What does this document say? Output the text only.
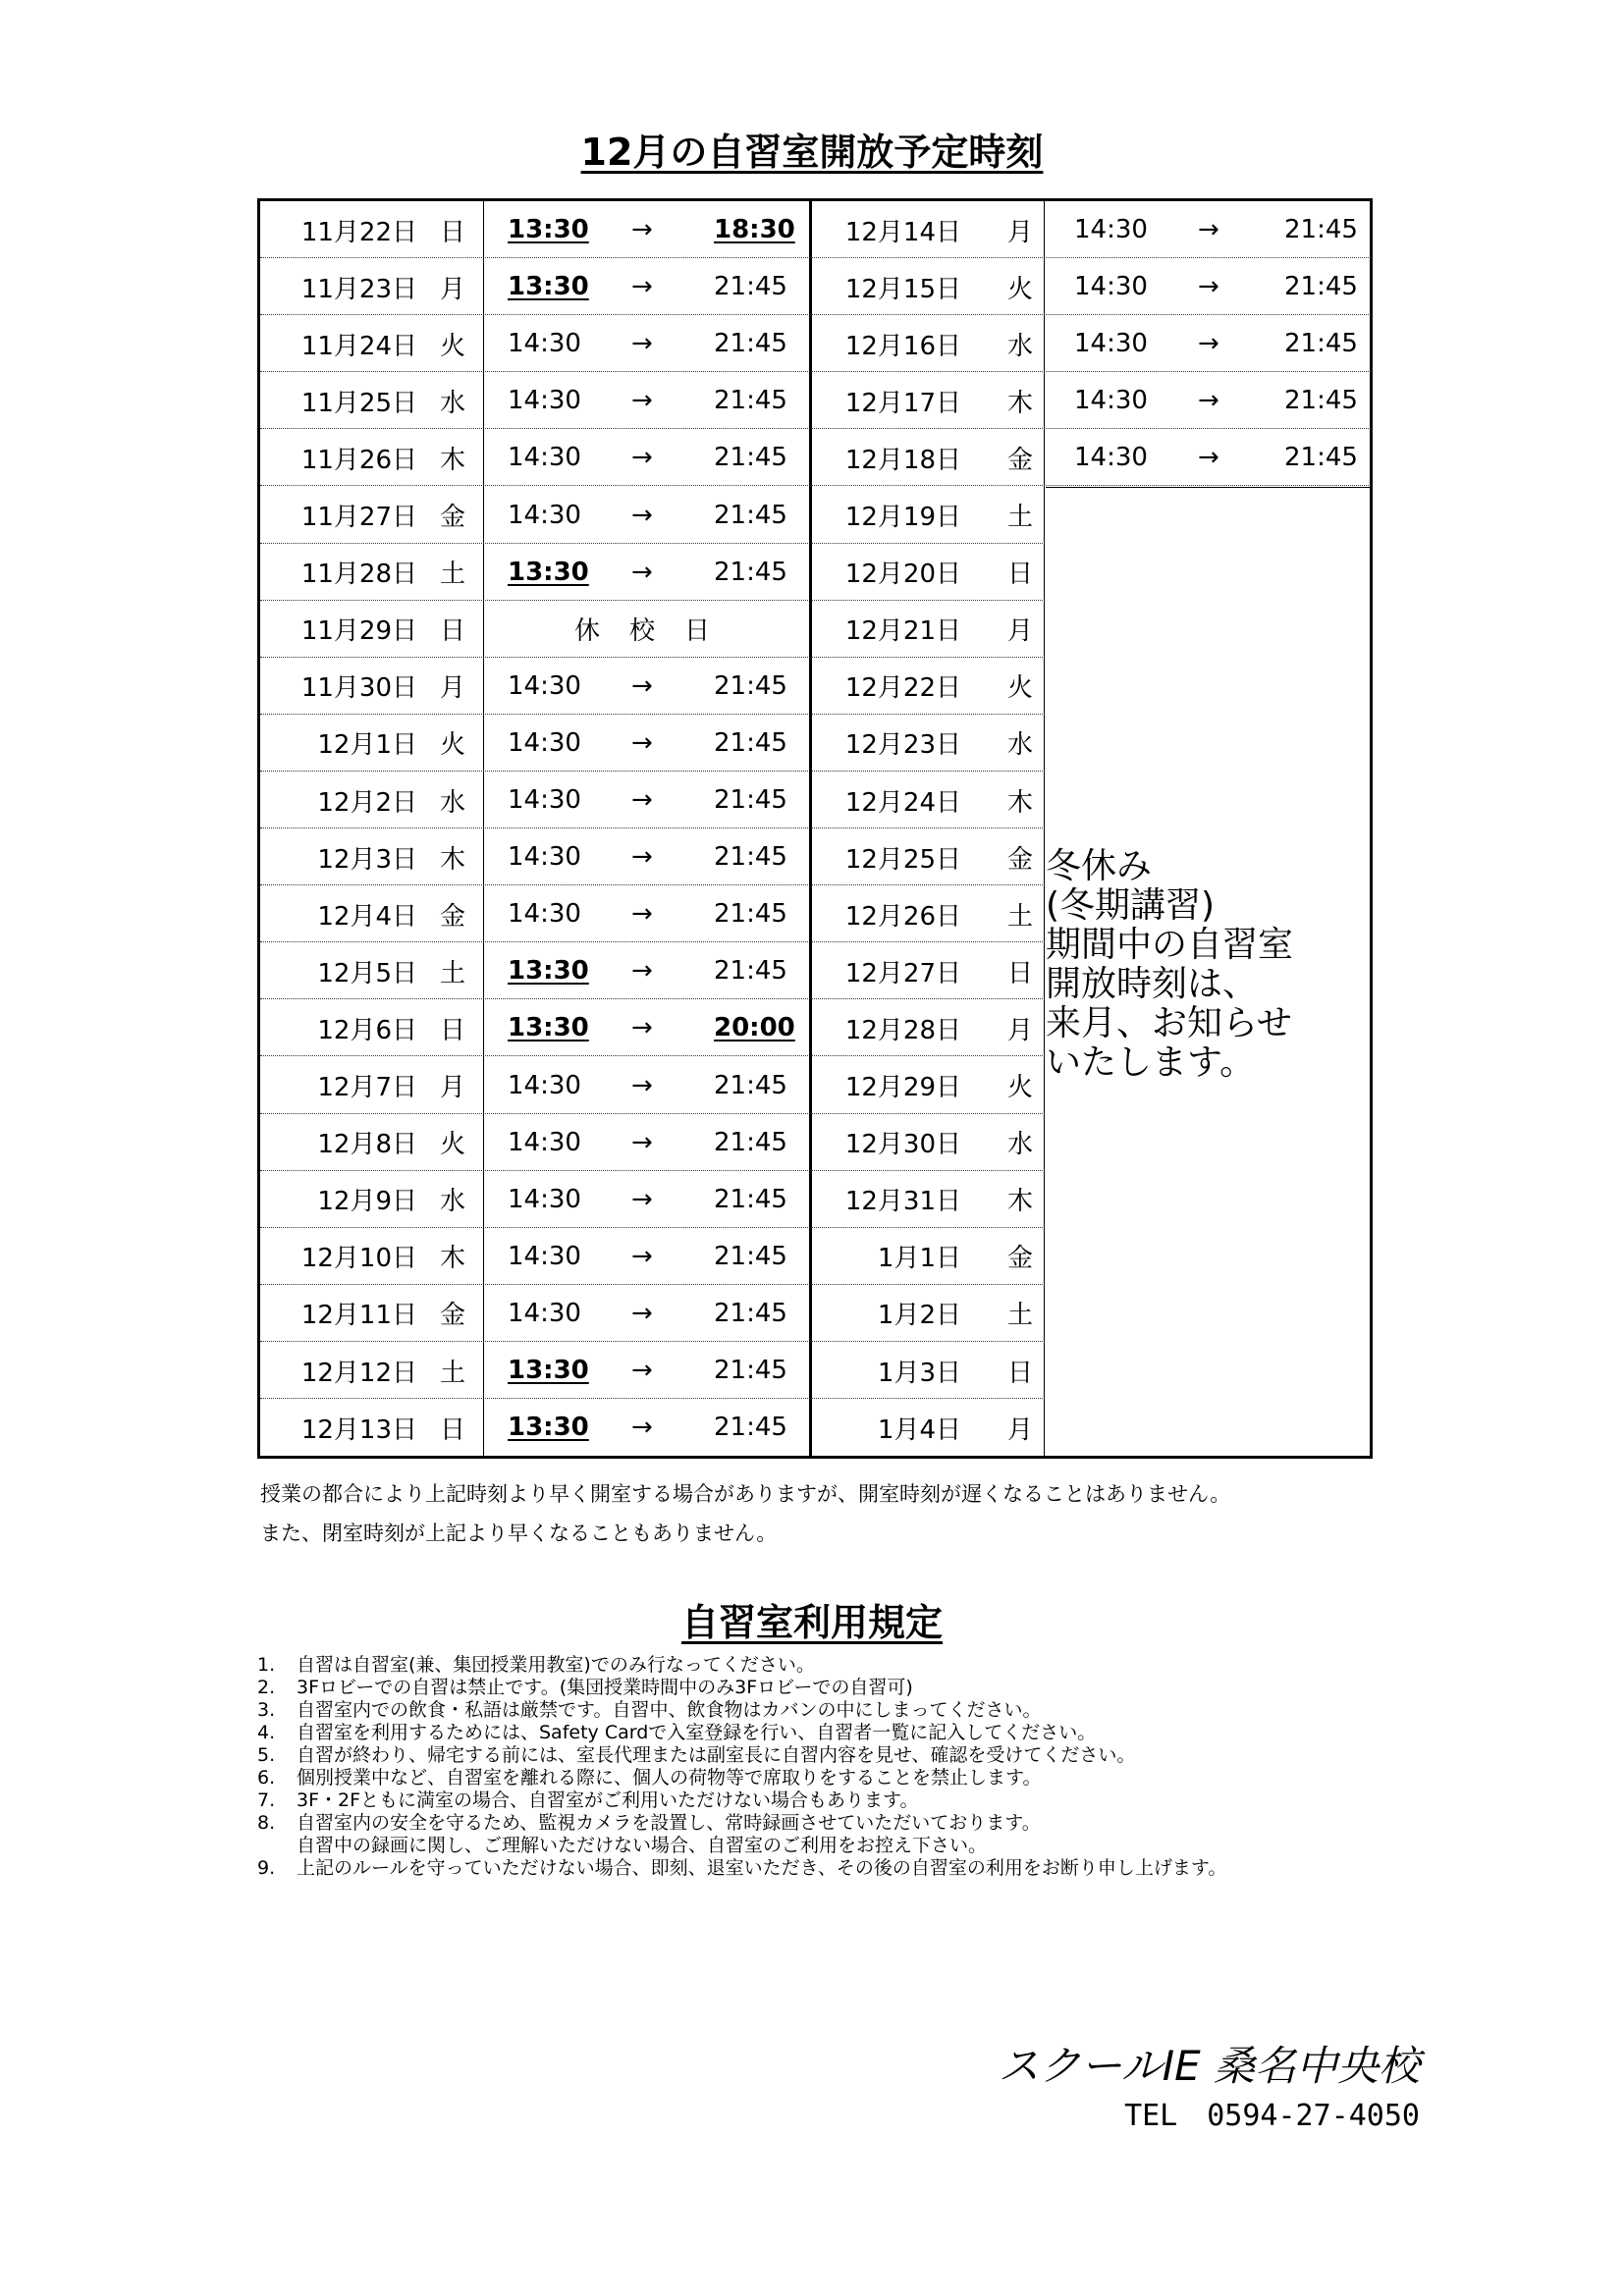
12月の自習室開放予定時刻
冬休み
(冬期講習)
期間中の自習室
開放時刻は、
来月、お知らせ
いたします。
11月22日 日 13:30 → 18:30
11月23日 月 13:30 → 21:45
11月24日 火 14:30 → 21:45
11月25日 水 14:30 → 21:45
11月26日 木 14:30 → 21:45
11月27日 金 14:30 → 21:45
11月28日 土 13:30 → 21:45
11月29日 日	休　校　日
11月30日 月 14:30 → 21:45
12月1日 火 14:30 → 21:45
12月2日 水 14:30 → 21:45
12月3日 木 14:30 → 21:45
12月4日 金 14:30 → 21:45
12月5日 土 13:30 → 21:45
12月6日 日 13:30 → 20:00
12月7日 月 14:30 → 21:45
12月8日 火 14:30 → 21:45
12月9日 水 14:30 → 21:45
12月10日 木 14:30 → 21:45
12月11日 金 14:30 → 21:45
12月12日 土 13:30 → 21:45
12月13日 日 13:30 → 21:45
12月14日 月 14:30 →	21:45
12月15日 火 14:30 →	21:45
12月16日 水 14:30 →	21:45
12月17日 木 14:30 →	21:45
12月18日 金 14:30 →	21:45
12月19日 土
12月20日 日
12月21日 月
12月22日 火
12月23日 水
12月24日 木
12月25日 金
12月26日 土
12月27日 日
12月28日 月
12月29日 火
12月30日 水
12月31日 木
1月1日 金
1月2日 土
1月3日 日
1月4日 月
授業の都合により上記時刻より早く開室する場合がありますが、開室時刻が遅くなることはありません。
また、閉室時刻が上記より早くなることもありません。
自習室利用規定
1. 自習は自習室(兼、集団授業用教室)でのみ行なってください。
2. 3Fロビーでの自習は禁止です。(集団授業時間中のみ3Fロビーでの自習可)
3. 自習室内での飲食・私語は厳禁です。自習中、飲食物はカバンの中にしまってください。
4. 自習室を利用するためには、Safety Cardで入室登録を行い、自習者一覧に記入してください。
5. 自習が終わり、帰宅する前には、室長代理または副室長に自習内容を見せ、確認を受けてください。
6. 個別授業中など、自習室を離れる際に、個人の荷物等で席取りをすることを禁止します。
7. 3F・2Fともに満室の場合、自習室がご利用いただけない場合もあります。
8. 自習室内の安全を守るため、監視カメラを設置し、常時録画させていただいております。
自習中の録画に関し、ご理解いただけない場合、自習室のご利用をお控え下さい。
9. 上記のルールを守っていただけない場合、即刻、退室いただき、その後の自習室の利用をお断り申し上げます。
スクールIE 桑名中央校
TEL　0594-27-4050
